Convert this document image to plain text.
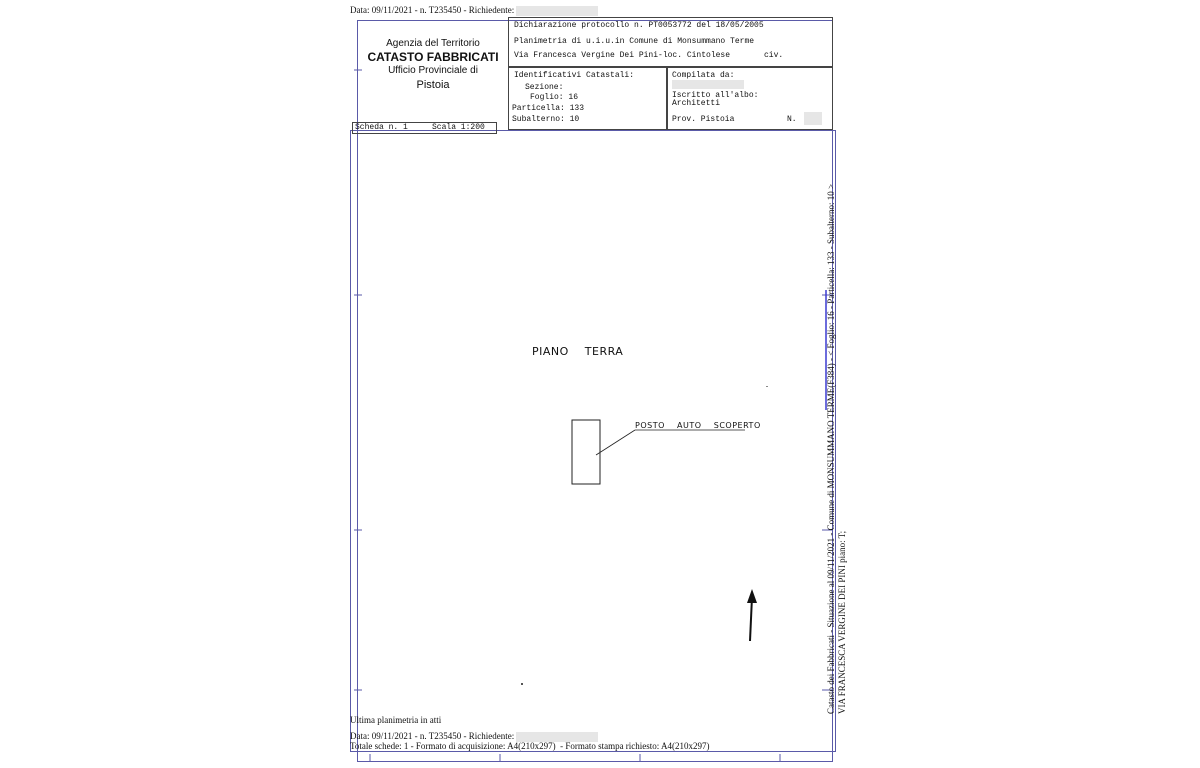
Data: 09/11/2021 - n. T235450 - Richiedente:
Agenzia del Territorio
CATASTO FABBRICATI
Ufficio Provinciale di
Pistoia
Dichiarazione protocollo n. PT0053772 del 18/05/2005
Planimetria di u.i.u.in Comune di Monsummano Terme
Via Francesca Vergine Dei Pini-loc. Cintolese	civ.
Identificativi Catastali:
Sezione:
Foglio: 16
Particella: 133
Subalterno: 10
Compilata da:
Iscritto all'albo:
Architetti
Prov. Pistoia	N.
Scheda n. 1	Scala 1:200
PIANO    TERRA
POSTO    AUTO    SCOPERTO	Catasto dei Fabbricati - Situazione al 09/11/2021 - Comune di MONSUMMANO TERME(F384) - < Foglio: 16 - Particella: 133 - Subalterno: 10 > VIA FRANCESCA VERGINE DEI PINI piano: T;
Ultima planimetria in atti
Data: 09/11/2021 - n. T235450 - Richiedente:
Totale schede: 1 - Formato di acquisizione: A4(210x297)  - Formato stampa richiesto: A4(210x297)
